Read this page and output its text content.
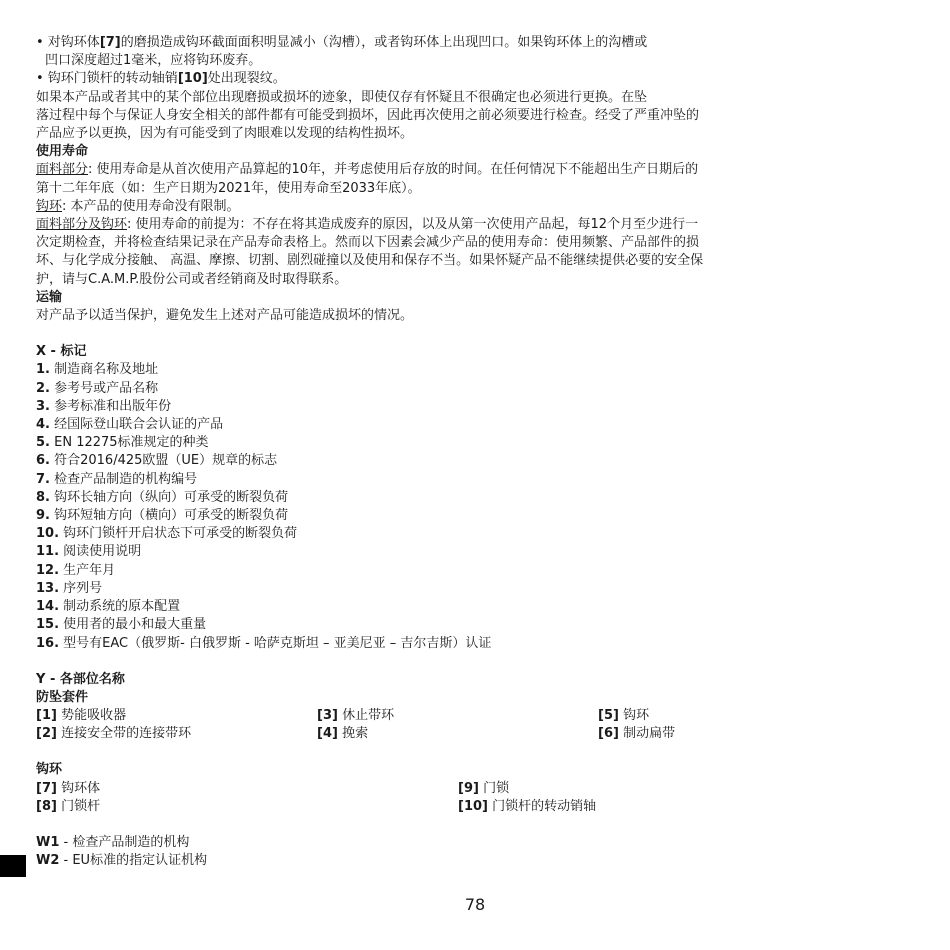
• 对钩环体[7]的磨损造成钩环截面面积明显减小（沟槽），或者钩环体上出现凹口。如果钩环体上的沟槽或
凹口深度超过1毫米，应将钩环废弃。
• 钩环门锁杆的转动轴销[10]处出现裂纹。
如果本产品或者其中的某个部位出现磨损或损坏的迹象，即使仅存有怀疑且不很确定也必须进行更换。在坠
落过程中每个与保证人身安全相关的部件都有可能受到损坏，因此再次使用之前必须要进行检查。经受了严重冲坠的
产品应予以更换，因为有可能受到了肉眼难以发现的结构性损坏。
使用寿命
面料部分: 使用寿命是从首次使用产品算起的10年，并考虑使用后存放的时间。在任何情况下不能超出生产日期后的
第十二年年底（如：生产日期为2021年，使用寿命至2033年底）。
钩环: 本产品的使用寿命没有限制。
面料部分及钩环: 使用寿命的前提为：不存在将其造成废弃的原因，以及从第一次使用产品起，每12个月至少进行一
次定期检查，并将检查结果记录在产品寿命表格上。然而以下因素会减少产品的使用寿命：使用频繁、产品部件的损
坏、与化学成分接触、 高温、摩擦、切割、剧烈碰撞以及使用和保存不当。如果怀疑产品不能继续提供必要的安全保
护，请与C.A.M.P.股份公司或者经销商及时取得联系。
运输
对产品予以适当保护，避免发生上述对产品可能造成损坏的情况。
X - 标记
1. 制造商名称及地址
2. 参考号或产品名称
3. 参考标准和出版年份
4. 经国际登山联合会认证的产品
5. EN 12275标准规定的种类
6. 符合2016/425欧盟（UE）规章的标志
7. 检查产品制造的机构编号
8. 钩环长轴方向（纵向）可承受的断裂负荷
9. 钩环短轴方向（横向）可承受的断裂负荷
10. 钩环门锁杆开启状态下可承受的断裂负荷
11. 阅读使用说明
12. 生产年月
13. 序列号
14. 制动系统的原本配置
15. 使用者的最小和最大重量
16. 型号有EAC（俄罗斯- 白俄罗斯 - 哈萨克斯坦 – 亚美尼亚 – 吉尔吉斯）认证
Y - 各部位名称
防坠套件
[1] 势能吸收器	[3] 休止带环	[5] 钩环
[2] 连接安全带的连接带环	[4] 挽索	[6] 制动扁带
钩环
[7] 钩环体	[9] 门锁
[8] 门锁杆	[10] 门锁杆的转动销轴
W1 - 检查产品制造的机构
W2 - EU标准的指定认证机构
78
